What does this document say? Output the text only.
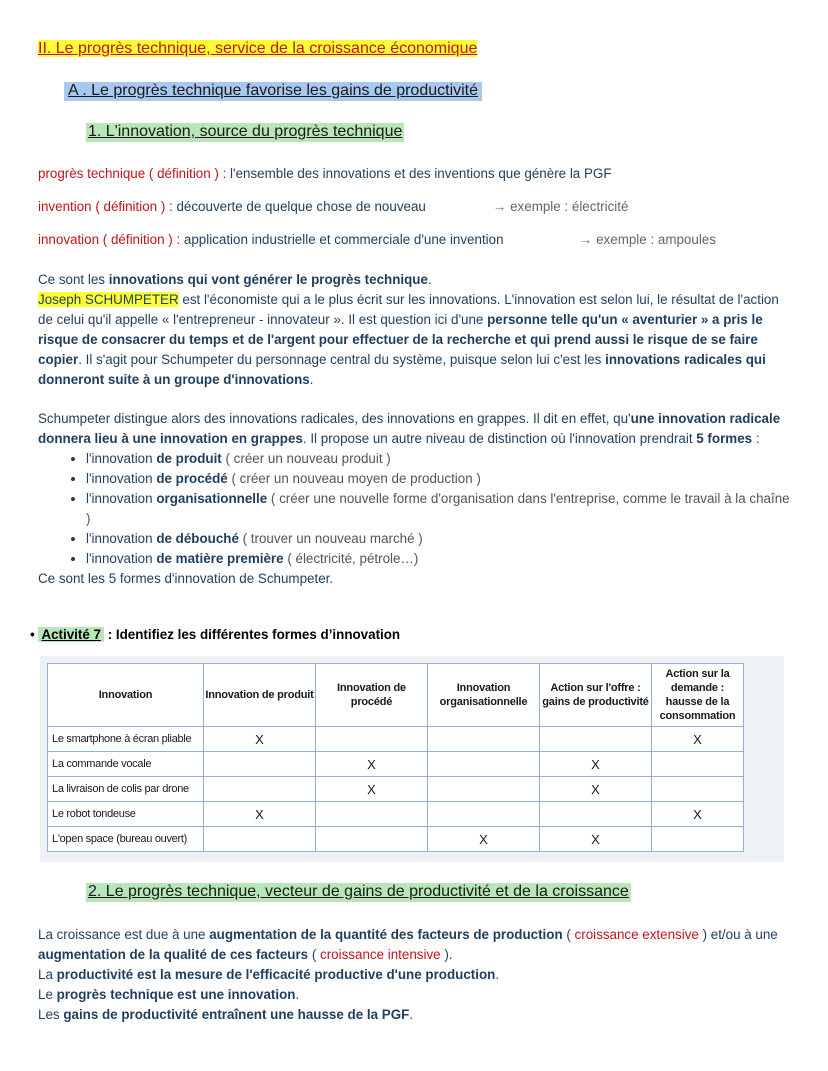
II. Le progrès technique, service de la croissance économique
A . Le progrès technique favorise les gains de productivité
1. L'innovation, source du progrès technique
progrès technique ( définition ) : l'ensemble des innovations et des inventions que génère la PGF
invention ( définition ) : découverte de quelque chose de nouveau	→ exemple : électricité
innovation ( définition ) : application industrielle et commerciale d'une invention	→ exemple : ampoules
Ce sont les innovations qui vont générer le progrès technique.
Joseph SCHUMPETER est l'économiste qui a le plus écrit sur les innovations. L'innovation est selon lui, le résultat de l'action de celui qu'il appelle « l'entrepreneur - innovateur ». Il est question ici d'une personne telle qu'un « aventurier » a pris le risque de consacrer du temps et de l'argent pour effectuer de la recherche et qui prend aussi le risque de se faire copier. Il s'agit pour Schumpeter du personnage central du système, puisque selon lui c'est les innovations radicales qui donneront suite à un groupe d'innovations.
Schumpeter distingue alors des innovations radicales, des innovations en grappes. Il dit en effet, qu'une innovation radicale donnera lieu à une innovation en grappes. Il propose un autre niveau de distinction où l'innovation prendrait 5 formes :
• l'innovation de produit ( créer un nouveau produit )
• l'innovation de procédé ( créer un nouveau moyen de production )
• l'innovation organisationnelle ( créer une nouvelle forme d'organisation dans l'entreprise, comme le travail à la chaîne )
• l'innovation de débouché ( trouver un nouveau marché )
• l'innovation de matière première ( électricité, pétrole…)
Ce sont les 5 formes d'innovation de Schumpeter.
• Activité 7 : Identifiez les différentes formes d’innovation
Innovation	Innovation de produit	Innovation de procédé	Innovation organisationnelle	Action sur l'offre : gains de productivité	Action sur la demande : hausse de la consommation
Le smartphone à écran pliable	X				X
La commande vocale		X		X	
La livraison de colis par drone		X		X	
Le robot tondeuse	X				X
L'open space (bureau ouvert)			X	X	
2. Le progrès technique, vecteur de gains de productivité et de la croissance
La croissance est due à une augmentation de la quantité des facteurs de production ( croissance extensive ) et/ou à une augmentation de la qualité de ces facteurs ( croissance intensive ).
La productivité est la mesure de l'efficacité productive d'une production.
Le progrès technique est une innovation.
Les gains de productivité entraînent une hausse de la PGF.
